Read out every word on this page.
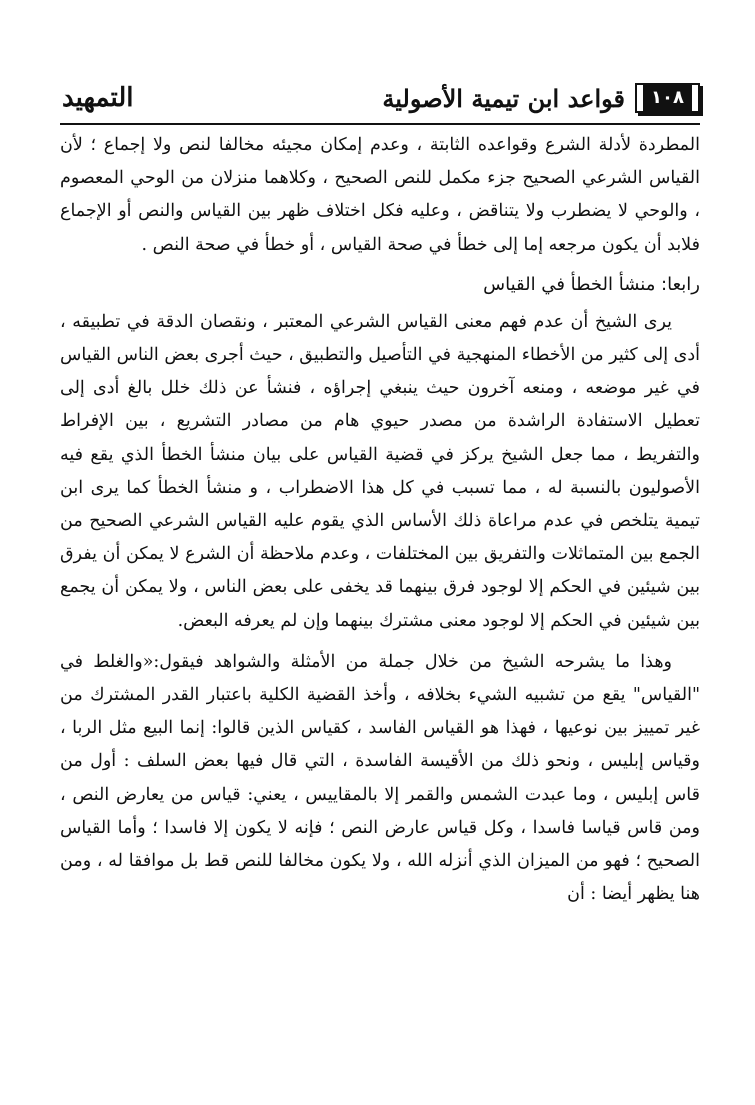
التمهيد	قواعد ابن تيمية الأصولية	١٠٨

المطردة لأدلة الشرع وقواعده الثابتة ، وعدم إمكان مجيئه مخالفا لنص ولا إجماع ؛ لأن القياس الشرعي الصحيح جزء مكمل للنص الصحيح ، وكلاهما منزلان من الوحي المعصوم ، والوحي لا يضطرب ولا يتناقض ، وعليه فكل اختلاف ظهر بين القياس والنص أو الإجماع فلابد أن يكون مرجعه إما إلى خطأ في صحة القياس ، أو خطأ في صحة النص .

رابعا: منشأ الخطأ في القياس

يرى الشيخ أن عدم فهم معنى القياس الشرعي المعتبر ، ونقصان الدقة في تطبيقه ، أدى إلى كثير من الأخطاء المنهجية في التأصيل والتطبيق ، حيث أجرى بعض الناس القياس في غير موضعه ، ومنعه آخرون حيث ينبغي إجراؤه ، فنشأ عن ذلك خلل بالغ أدى إلى تعطيل الاستفادة الراشدة من مصدر حيوي هام من مصادر التشريع ، بين الإفراط والتفريط ، مما جعل الشيخ يركز في قضية القياس على بيان منشأ الخطأ الذي يقع فيه الأصوليون بالنسبة له ، مما تسبب في كل هذا الاضطراب ، و منشأ الخطأ كما يرى ابن تيمية يتلخص في عدم مراعاة ذلك الأساس الذي يقوم عليه القياس الشرعي الصحيح من الجمع بين المتماثلات والتفريق بين المختلفات ، وعدم ملاحظة أن الشرع لا يمكن أن يفرق بين شيئين في الحكم إلا لوجود فرق بينهما قد يخفى على بعض الناس ، ولا يمكن أن يجمع بين شيئين في الحكم إلا لوجود معنى مشترك بينهما وإن لم يعرفه البعض.

وهذا ما يشرحه الشيخ من خلال جملة من الأمثلة والشواهد فيقول:«والغلط في "القياس" يقع من تشبيه الشيء بخلافه ، وأخذ القضية الكلية باعتبار القدر المشترك من غير تمييز بين نوعيها ، فهذا هو القياس الفاسد ، كقياس الذين قالوا: إنما البيع مثل الربا ، وقياس إبليس ، ونحو ذلك من الأقيسة الفاسدة ، التي قال فيها بعض السلف : أول من قاس إبليس ، وما عبدت الشمس والقمر إلا بالمقاييس ، يعني: قياس من يعارض النص ، ومن قاس قياسا فاسدا ، وكل قياس عارض النص ؛ فإنه لا يكون إلا فاسدا ؛ وأما القياس الصحيح ؛ فهو من الميزان الذي أنزله الله ، ولا يكون مخالفا للنص قط بل موافقا له ، ومن هنا يظهر أيضا : أن
